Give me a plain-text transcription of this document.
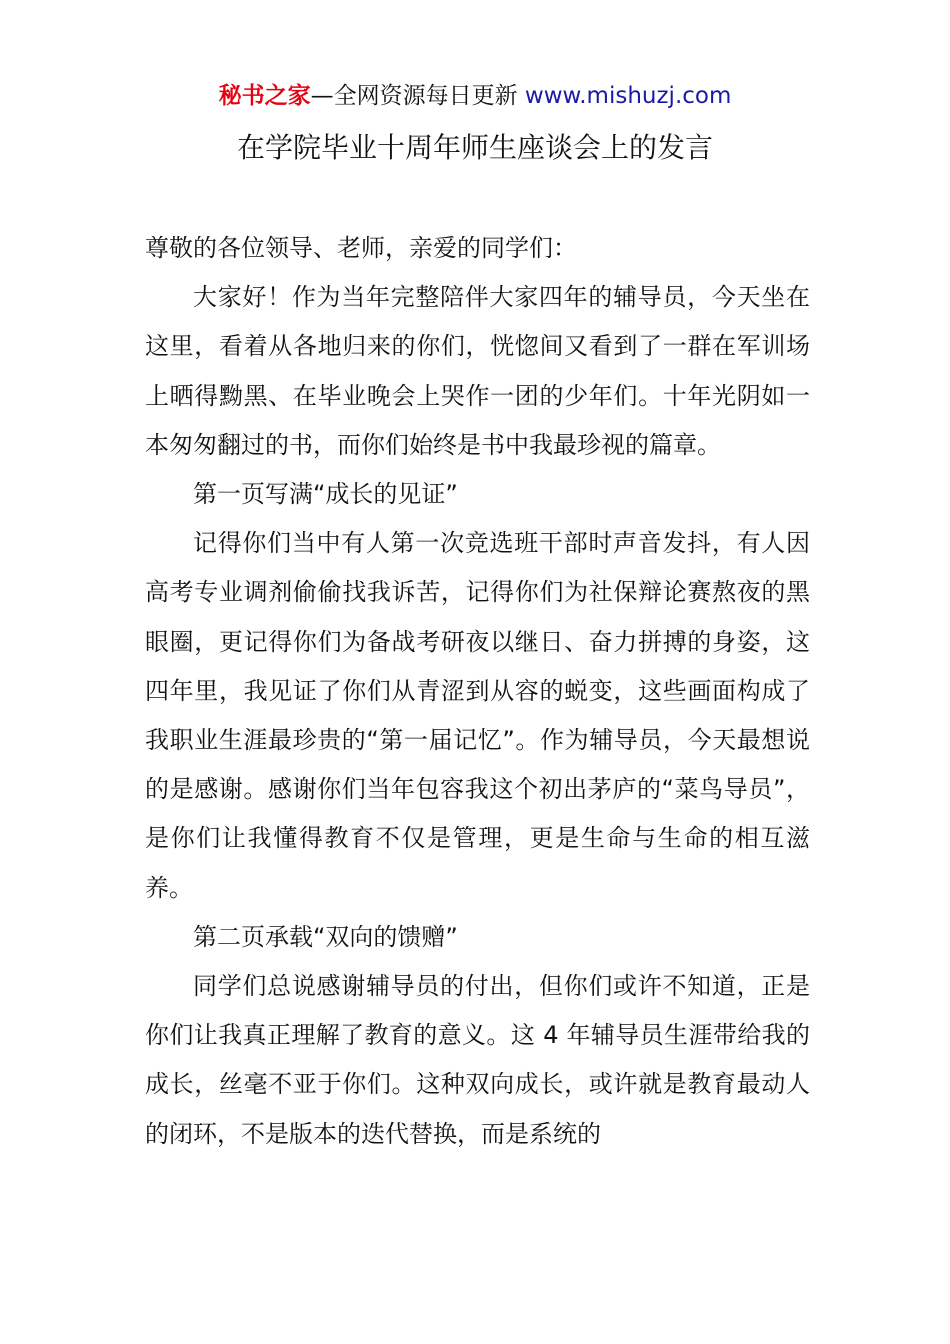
秘书之家—全网资源每日更新 www.mishuzj.com
在学院毕业十周年师生座谈会上的发言

尊敬的各位领导、老师，亲爱的同学们：

大家好！作为当年完整陪伴大家四年的辅导员，今天坐在这里，看着从各地归来的你们，恍惚间又看到了一群在军训场上晒得黝黑、在毕业晚会上哭作一团的少年们。十年光阴如一本匆匆翻过的书，而你们始终是书中我最珍视的篇章。

第一页写满“成长的见证”

记得你们当中有人第一次竞选班干部时声音发抖，有人因高考专业调剂偷偷找我诉苦，记得你们为社保辩论赛熬夜的黑眼圈，更记得你们为备战考研夜以继日、奋力拼搏的身姿，这四年里，我见证了你们从青涩到从容的蜕变，这些画面构成了我职业生涯最珍贵的“第一届记忆”。作为辅导员，今天最想说的是感谢。感谢你们当年包容我这个初出茅庐的“菜鸟导员”，是你们让我懂得教育不仅是管理，更是生命与生命的相互滋养。

第二页承载“双向的馈赠”

同学们总说感谢辅导员的付出，但你们或许不知道，正是你们让我真正理解了教育的意义。这 4 年辅导员生涯带给我的成长，丝毫不亚于你们。这种双向成长，或许就是教育最动人的闭环，不是版本的迭代替换，而是系统的
